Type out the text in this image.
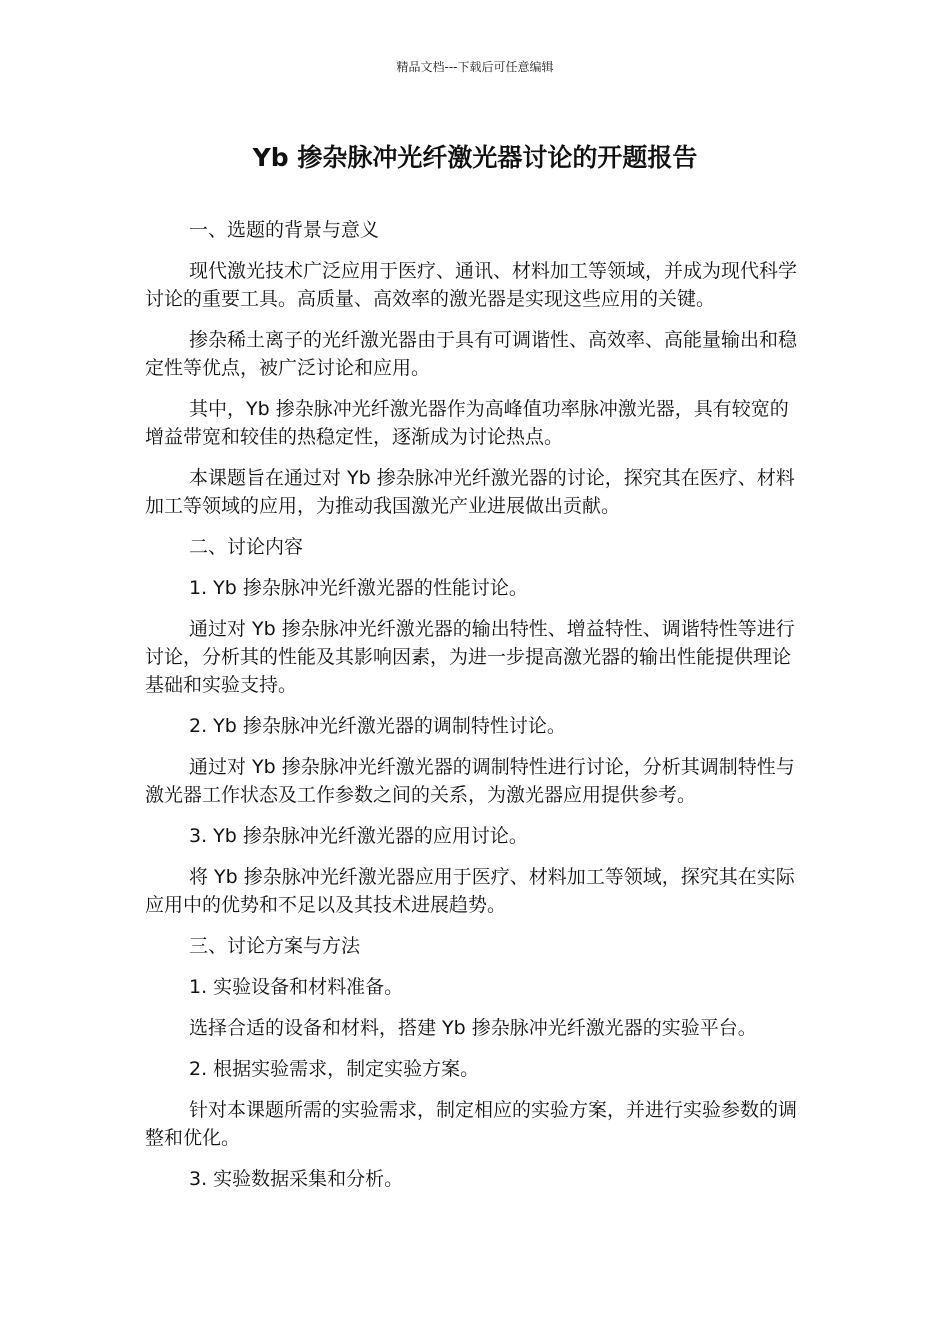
精品文档---下载后可任意编辑
Yb 掺杂脉冲光纤激光器讨论的开题报告

一、选题的背景与意义

现代激光技术广泛应用于医疗、通讯、材料加工等领域，并成为现代科学讨论的重要工具。高质量、高效率的激光器是实现这些应用的关键。

掺杂稀土离子的光纤激光器由于具有可调谐性、高效率、高能量输出和稳定性等优点，被广泛讨论和应用。

其中，Yb 掺杂脉冲光纤激光器作为高峰值功率脉冲激光器，具有较宽的增益带宽和较佳的热稳定性，逐渐成为讨论热点。

本课题旨在通过对 Yb 掺杂脉冲光纤激光器的讨论，探究其在医疗、材料加工等领域的应用，为推动我国激光产业进展做出贡献。

二、讨论内容

1. Yb 掺杂脉冲光纤激光器的性能讨论。

通过对 Yb 掺杂脉冲光纤激光器的输出特性、增益特性、调谐特性等进行讨论，分析其的性能及其影响因素，为进一步提高激光器的输出性能提供理论基础和实验支持。

2. Yb 掺杂脉冲光纤激光器的调制特性讨论。

通过对 Yb 掺杂脉冲光纤激光器的调制特性进行讨论，分析其调制特性与激光器工作状态及工作参数之间的关系，为激光器应用提供参考。

3. Yb 掺杂脉冲光纤激光器的应用讨论。

将 Yb 掺杂脉冲光纤激光器应用于医疗、材料加工等领域，探究其在实际应用中的优势和不足以及其技术进展趋势。

三、讨论方案与方法

1. 实验设备和材料准备。

选择合适的设备和材料，搭建 Yb 掺杂脉冲光纤激光器的实验平台。

2. 根据实验需求，制定实验方案。

针对本课题所需的实验需求，制定相应的实验方案，并进行实验参数的调整和优化。

3. 实验数据采集和分析。
